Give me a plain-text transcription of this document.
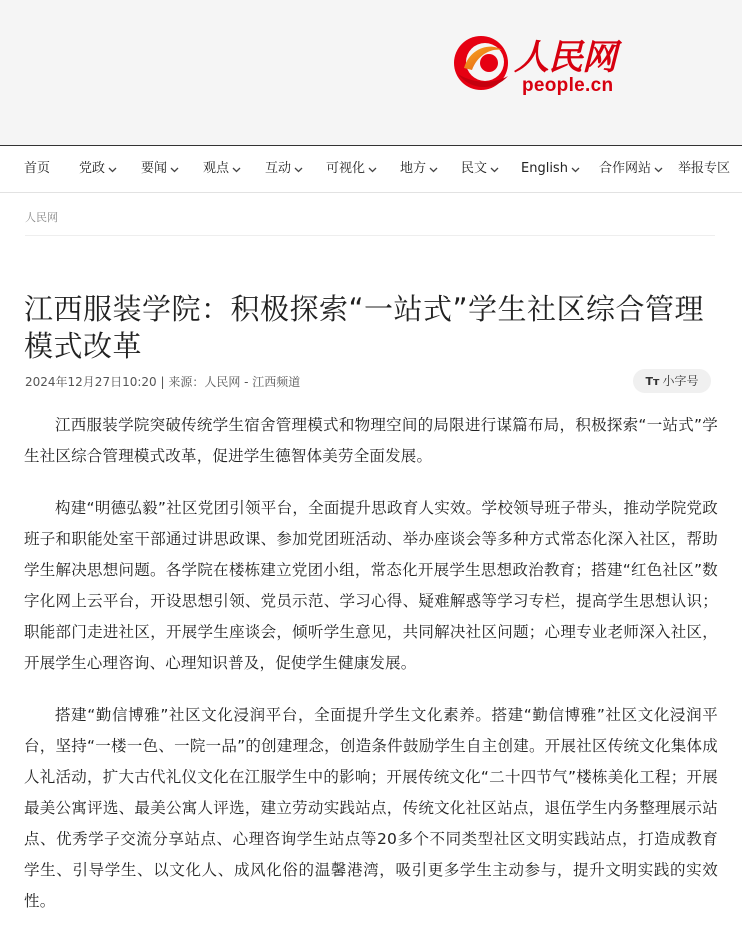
人民网
people.cn
首页 党政	要闻	观点	互动	可视化	地方	民文	English	合作网站	举报专区
人民网
江西服装学院：积极探索“一站式”学生社区综合管理模式改革
2024年12月27日10:20 | 来源：人民网 - 江西频道	Tт 小字号

江西服装学院突破传统学生宿舍管理模式和物理空间的局限进行谋篇布局，积极探索“一站式”学生社区综合管理模式改革，促进学生德智体美劳全面发展。

构建“明德弘毅”社区党团引领平台，全面提升思政育人实效。学校领导班子带头，推动学院党政班子和职能处室干部通过讲思政课、参加党团班活动、举办座谈会等多种方式常态化深入社区，帮助学生解决思想问题。各学院在楼栋建立党团小组，常态化开展学生思想政治教育；搭建“红色社区”数字化网上云平台，开设思想引领、党员示范、学习心得、疑难解惑等学习专栏，提高学生思想认识；职能部门走进社区，开展学生座谈会，倾听学生意见，共同解决社区问题；心理专业老师深入社区，开展学生心理咨询、心理知识普及，促使学生健康发展。

搭建“勤信博雅”社区文化浸润平台，全面提升学生文化素养。搭建“勤信博雅”社区文化浸润平台，坚持“一楼一色、一院一品”的创建理念，创造条件鼓励学生自主创建。开展社区传统文化集体成人礼活动，扩大古代礼仪文化在江服学生中的影响；开展传统文化“二十四节气”楼栋美化工程；开展最美公寓评选、最美公寓人评选，建立劳动实践站点，传统文化社区站点，退伍学生内务整理展示站点、优秀学子交流分享站点、心理咨询学生站点等20多个不同类型社区文明实践站点，打造成教育学生、引导学生、以文化人、成风化俗的温馨港湾，吸引更多学生主动参与，提升文明实践的实效性。
